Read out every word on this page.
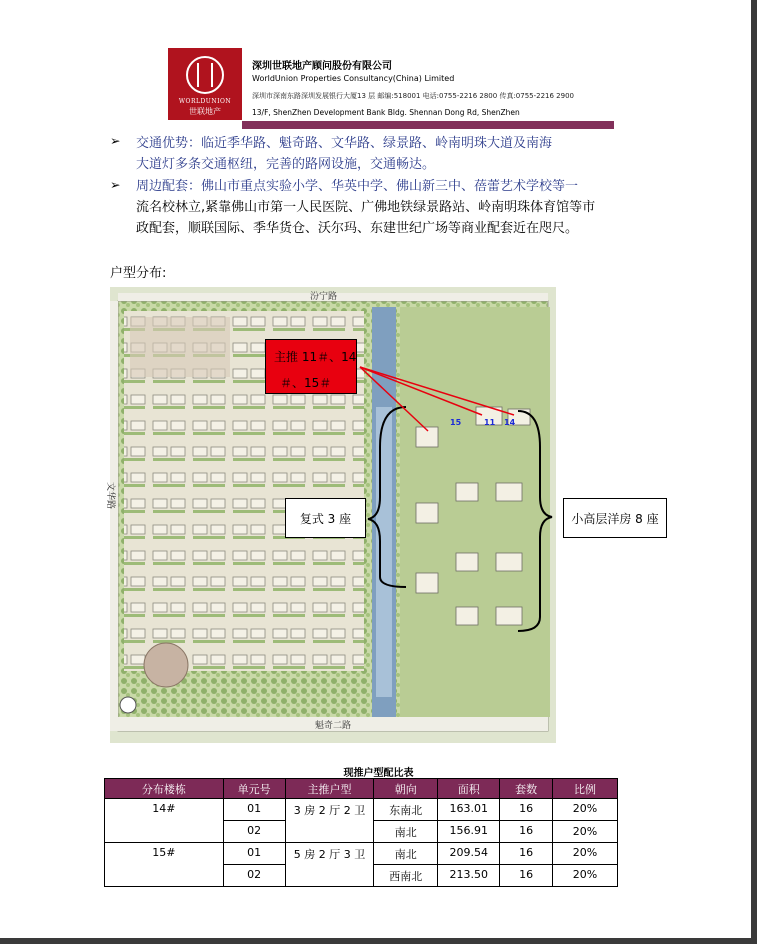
WORLDUNION
世联地产
深圳世联地产顾问股份有限公司
WorldUnion Properties Consultancy(China) Limited
深圳市深南东路深圳发展银行大厦13 层 邮编:518001 电话:0755-2216 2800 传真:0755-2216 2900
13/F, ShenZhen Development Bank Bldg. Shennan Dong Rd, ShenZhen
➢ 交通优势：临近季华路、魁奇路、文华路、绿景路、岭南明珠大道及南海
大道灯多条交通枢纽，完善的路网设施，交通畅达。
➢ 周边配套：佛山市重点实验小学、华英中学、佛山新三中、蓓蕾艺术学校等一
流名校林立,紧靠佛山市第一人民医院、广佛地铁绿景路站、岭南明珠体育馆等市
政配套，顺联国际、季华货仓、沃尔玛、东建世纪广场等商业配套近在咫尺。
户型分布:
汾宁路
魁奇二路
文华路
15	11 14
主推 11＃、14
＃、15＃
复式 3 座	小高层洋房 8 座
现推户型配比表
分布楼栋	单元号	主推户型	朝向	面积	套数	比例
14#	01	3 房 2 厅 2 卫	东南北	163.01	16	20%
	02		南北	156.91	16	20%
15#	01	5 房 2 厅 3 卫	南北	209.54	16	20%
	02		西南北	213.50	16	20%
